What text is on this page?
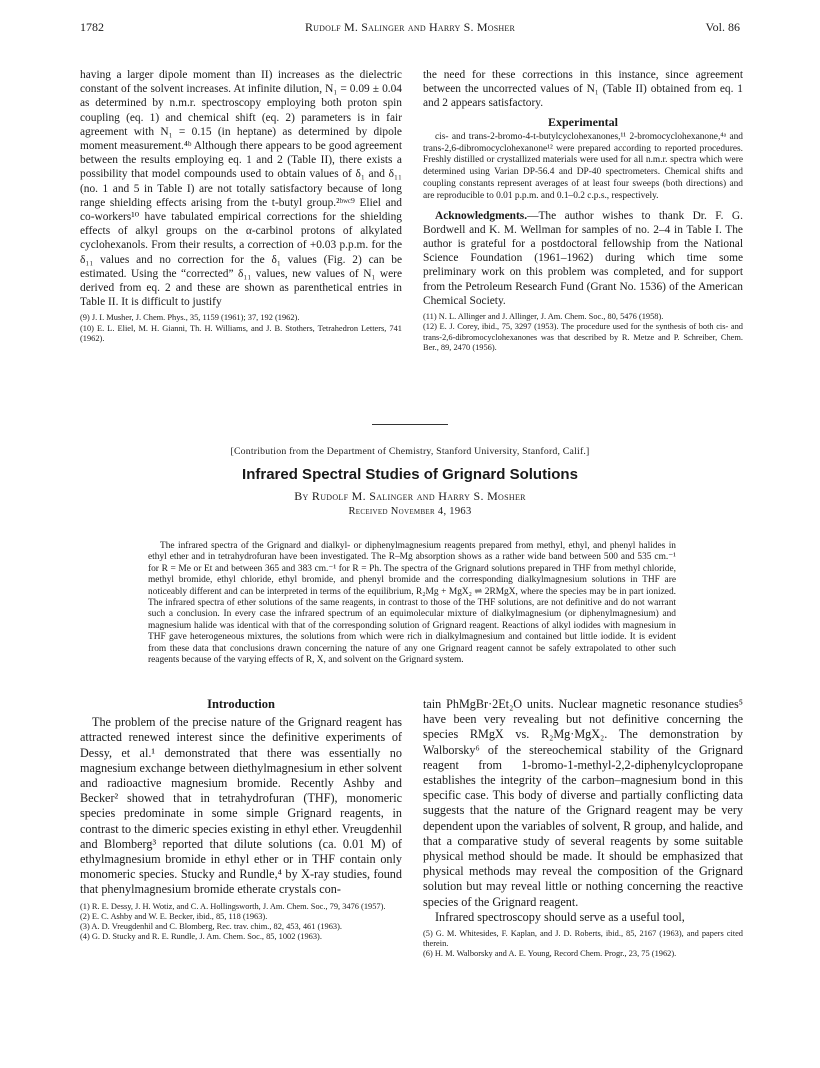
1782	Rudolf M. Salinger and Harry S. Mosher	Vol. 86

having a larger dipole moment than II) increases as the dielectric constant of the solvent increases. At infinite dilution, N₁ = 0.09 ± 0.04 as determined by n.m.r. spectroscopy employing both proton spin coupling (eq. 1) and chemical shift (eq. 2) parameters is in fair agreement with N₁ = 0.15 (in heptane) as determined by dipole moment measurement.⁴ᵇ Although there appears to be good agreement between the results employing eq. 1 and 2 (Table II), there exists a possibility that model compounds used to obtain values of δ₁ and δ₁₁ (no. 1 and 5 in Table I) are not totally satisfactory because of long range shielding effects arising from the t-butyl group.²ᵇʷᶜ⁹ Eliel and co-workers¹⁰ have tabulated empirical corrections for the shielding effects of alkyl groups on the α-carbinol protons of alkylated cyclohexanols. From their results, a correction of +0.03 p.p.m. for the δ₁₁ values and no correction for the δ₁ values (Fig. 2) can be estimated. Using the “corrected” δ₁₁ values, new values of N₁ were derived from eq. 2 and these are shown as parenthetical entries in Table II. It is difficult to justify

(9) J. I. Musher, J. Chem. Phys., 35, 1159 (1961); 37, 192 (1962).
(10) E. L. Eliel, M. H. Gianni, Th. H. Williams, and J. B. Stothers, Tetrahedron Letters, 741 (1962).

the need for these corrections in this instance, since agreement between the uncorrected values of N₁ (Table II) obtained from eq. 1 and 2 appears satisfactory.

Experimental

cis- and trans-2-bromo-4-t-butylcyclohexanones,¹¹ 2-bromocyclohexanone,⁴ᵃ and trans-2,6-dibromocyclohexanone¹² were prepared according to reported procedures. Freshly distilled or crystallized materials were used for all n.m.r. spectra which were determined using Varian DP-56.4 and DP-40 spectrometers. Chemical shifts and coupling constants represent averages of at least four sweeps (both directions) and are reproducible to 0.01 p.p.m. and 0.1–0.2 c.p.s., respectively.

Acknowledgments.—The author wishes to thank Dr. F. G. Bordwell and K. M. Wellman for samples of no. 2–4 in Table I. The author is grateful for a postdoctoral fellowship from the National Science Foundation (1961–1962) during which time some preliminary work on this problem was completed, and for support from the Petroleum Research Fund (Grant No. 1536) of the American Chemical Society.

(11) N. L. Allinger and J. Allinger, J. Am. Chem. Soc., 80, 5476 (1958).
(12) E. J. Corey, ibid., 75, 3297 (1953). The procedure used for the synthesis of both cis- and trans-2,6-dibromocyclohexanones was that described by R. Metze and P. Schreiber, Chem. Ber., 89, 2470 (1956).
[Contribution from the Department of Chemistry, Stanford University, Stanford, Calif.]
Infrared Spectral Studies of Grignard Solutions
By Rudolf M. Salinger and Harry S. Mosher
Received November 4, 1963
The infrared spectra of the Grignard and dialkyl- or diphenylmagnesium reagents prepared from methyl, ethyl, and phenyl halides in ethyl ether and in tetrahydrofuran have been investigated. The R–Mg absorption shows as a rather wide band between 500 and 535 cm.⁻¹ for R = Me or Et and between 365 and 383 cm.⁻¹ for R = Ph. The spectra of the Grignard solutions prepared in THF from methyl chloride, methyl bromide, ethyl chloride, ethyl bromide, and phenyl bromide and the corresponding dialkylmagnesium solutions in THF are noticeably different and can be interpreted in terms of the equilibrium, R₂Mg + MgX₂ ⇌ 2RMgX, where the species may be in part ionized. The infrared spectra of ether solutions of the same reagents, in contrast to those of the THF solutions, are not definitive and do not warrant such a conclusion. In every case the infrared spectrum of an equimolecular mixture of dialkylmagnesium (or diphenylmagnesium) and magnesium halide was identical with that of the corresponding solution of Grignard reagent. Reactions of alkyl iodides with magnesium in THF gave heterogeneous mixtures, the solutions from which were rich in dialkylmagnesium and contained but little iodide. It is evident from these data that conclusions drawn concerning the nature of any one Grignard reagent cannot be safely extrapolated to other such reagents because of the varying effects of R, X, and solvent on the Grignard system.
Introduction

The problem of the precise nature of the Grignard reagent has attracted renewed interest since the definitive experiments of Dessy, et al.¹ demonstrated that there was essentially no magnesium exchange between diethylmagnesium in ether solvent and radioactive magnesium bromide. Recently Ashby and Becker² showed that in tetrahydrofuran (THF), monomeric species predominate in some simple Grignard reagents, in contrast to the dimeric species existing in ethyl ether. Vreugdenhil and Blomberg³ reported that dilute solutions (ca. 0.01 M) of ethylmagnesium bromide in ethyl ether or in THF contain only monomeric species. Stucky and Rundle,⁴ by X-ray studies, found that phenylmagnesium bromide etherate crystals con-

(1) R. E. Dessy, J. H. Wotiz, and C. A. Hollingsworth, J. Am. Chem. Soc., 79, 3476 (1957).
(2) E. C. Ashby and W. E. Becker, ibid., 85, 118 (1963).
(3) A. D. Vreugdenhil and C. Blomberg, Rec. trav. chim., 82, 453, 461 (1963).
(4) G. D. Stucky and R. E. Rundle, J. Am. Chem. Soc., 85, 1002 (1963).

tain PhMgBr·2Et₂O units. Nuclear magnetic resonance studies⁵ have been very revealing but not definitive concerning the species RMgX vs. R₂Mg·MgX₂. The demonstration by Walborsky⁶ of the stereochemical stability of the Grignard reagent from 1-bromo-1-methyl-2,2-diphenylcyclopropane establishes the integrity of the carbon–magnesium bond in this specific case. This body of diverse and partially conflicting data suggests that the nature of the Grignard reagent may be very dependent upon the variables of solvent, R group, and halide, and that a comparative study of several reagents by some suitable physical method should be made. It should be emphasized that physical methods may reveal the composition of the Grignard solution but may reveal little or nothing concerning the reactive species of the Grignard reagent.

Infrared spectroscopy should serve as a useful tool,

(5) G. M. Whitesides, F. Kaplan, and J. D. Roberts, ibid., 85, 2167 (1963), and papers cited therein.
(6) H. M. Walborsky and A. E. Young, Record Chem. Progr., 23, 75 (1962).
